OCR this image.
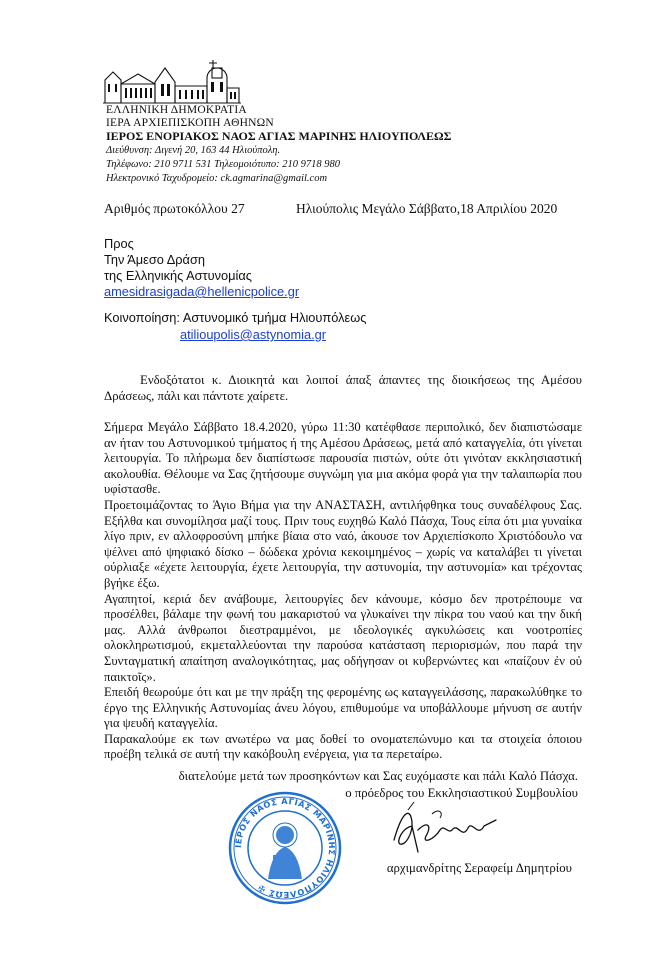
ΕΛΛΗΝΙΚΗ ΔΗΜΟΚΡΑΤΙΑ
ΙΕΡΑ ΑΡΧΙΕΠΙΣΚΟΠΗ ΑΘΗΝΩΝ
ΙΕΡΟΣ ΕΝΟΡΙΑΚΟΣ ΝΑΟΣ ΑΓΙΑΣ ΜΑΡΙΝΗΣ ΗΛΙΟΥΠΟΛΕΩΣ
Διεύθυνση: Διγενή 20, 163 44 Ηλιούπολη.
Τηλέφωνο: 210 9711 531 Τηλεομοιότυπο: 210 9718 980
Ηλεκτρονικό Ταχυδρομείο: ck.agmarina@gmail.com
Αριθμός πρωτοκόλλου 27	Ηλιούπολις Μεγάλο Σάββατο,18 Απριλίου 2020
Προς
Την Άμεσο Δράση
της Ελληνικής Αστυνομίας
amesidrasigada@hellenicpolice.gr
Κοινοποίηση: Αστυνομικό τμήμα Ηλιουπόλεως
atilioupolis@astynomia.gr

Ενδοξότατοι κ. Διοικητά και λοιποί άπαξ άπαντες της διοικήσεως της Αμέσου Δράσεως, πάλι και πάντοτε χαίρετε.

Σήμερα Μεγάλο Σάββατο 18.4.2020, γύρω 11:30 κατέφθασε περιπολικό, δεν διαπιστώσαμε αν ήταν του Αστυνομικού τμήματος ή της Αμέσου Δράσεως, μετά από καταγγελία, ότι γίνεται λειτουργία. Το πλήρωμα δεν διαπίστωσε παρουσία πιστών, ούτε ότι γινόταν εκκλησιαστική ακολουθία. Θέλουμε να Σας ζητήσουμε συγνώμη για μια ακόμα φορά για την ταλαιπωρία που υφίστασθε.

Προετοιμάζοντας το Άγιο Βήμα για την ΑΝΑΣΤΑΣΗ, αντιλήφθηκα τους συναδέλφους Σας. Εξήλθα και συνομίλησα μαζί τους. Πριν τους ευχηθώ Καλό Πάσχα, Τους είπα ότι μια γυναίκα λίγο πριν, εν αλλοφροσύνη μπήκε βίαια στο ναό, άκουσε τον Αρχιεπίσκοπο Χριστόδουλο να ψέλνει από ψηφιακό δίσκο – δώδεκα χρόνια κεκοιμημένος – χωρίς να καταλάβει τι γίνεται ούρλιαξε «έχετε λειτουργία, έχετε λειτουργία, την αστυνομία, την αστυνομία» και τρέχοντας βγήκε έξω.

Αγαπητοί, κεριά δεν ανάβουμε, λειτουργίες δεν κάνουμε, κόσμο δεν προτρέπουμε να προσέλθει, βάλαμε την φωνή του μακαριστού να γλυκαίνει την πίκρα του ναού και την δική μας. Αλλά άνθρωποι διεστραμμένοι, με ιδεολογικές αγκυλώσεις και νοοτροπίες ολοκληρωτισμού, εκμεταλλεύονται την παρούσα κατάσταση περιορισμών, που παρά την Συνταγματική απαίτηση αναλογικότητας, μας οδήγησαν οι κυβερνώντες και «παίζουν ἐν οὐ παικτοῖς».

Επειδή θεωρούμε ότι και με την πράξη της φερομένης ως καταγγειλάσσης, παρακωλύθηκε το έργο της Ελληνικής Αστυνομίας άνευ λόγου, επιθυμούμε να υποβάλλουμε μήνυση σε αυτήν για ψευδή καταγγελία.

Παρακαλούμε εκ των ανωτέρω να μας δοθεί το ονοματεπώνυμο και τα στοιχεία όποιου προέβη τελικά σε αυτή την κακόβουλη ενέργεια, για τα περεταίρω.

διατελούμε μετά των προσηκόντων και Σας ευχόμαστε και πάλι Καλό Πάσχα.
ο πρόεδρος του Εκκλησιαστικού Συμβουλίου
ΙΕΡΟΣ ΝΑΟΣ ΑΓΙΑΣ ΜΑΡΙΝΗΣ ΗΛΙΟΥΠΟΛΕΩΣ ✠
αρχιμανδρίτης Σεραφείμ Δημητρίου
